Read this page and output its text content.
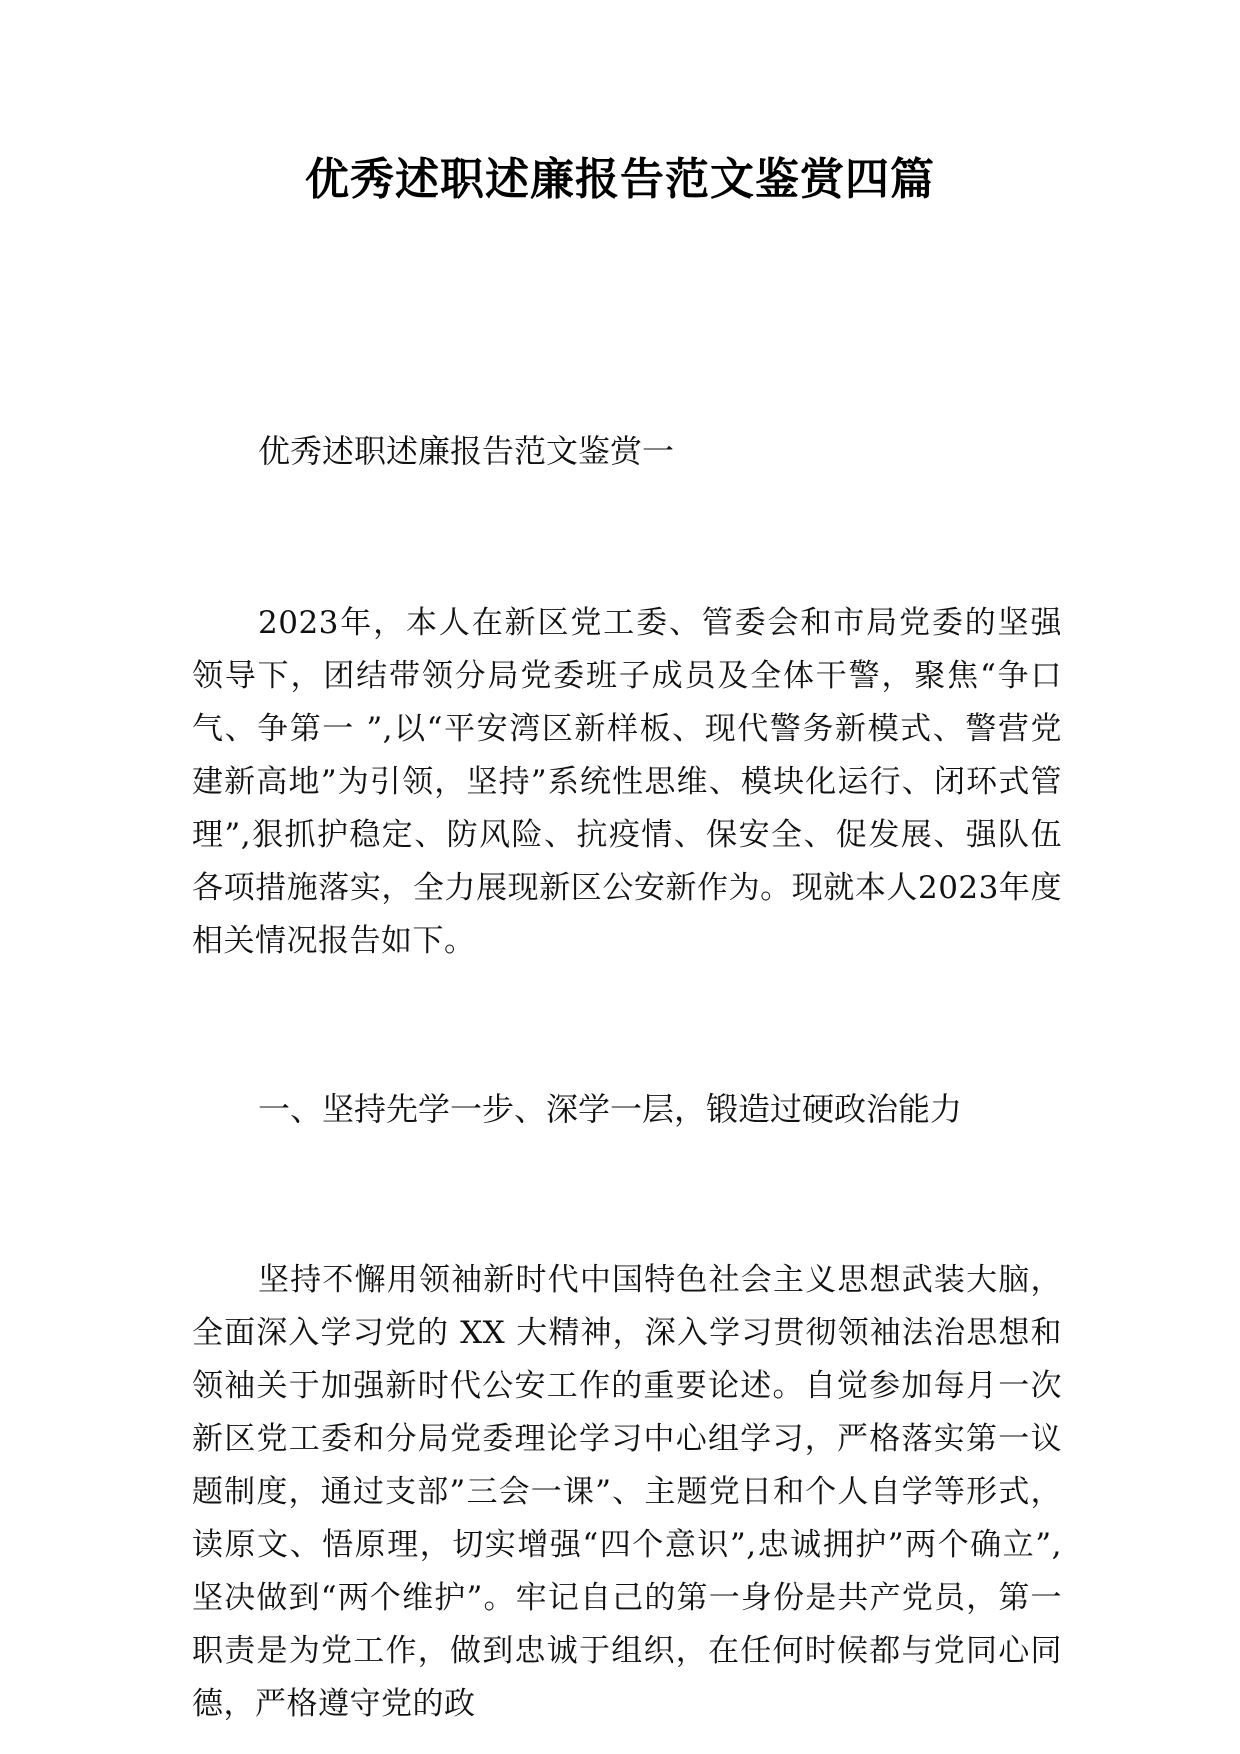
优秀述职述廉报告范文鉴赏四篇
优秀述职述廉报告范文鉴赏一

2023年，本人在新区党工委、管委会和市局党委的坚强领导下，团结带领分局党委班子成员及全体干警，聚焦“争口气、争第一 ”,以“平安湾区新样板、现代警务新模式、警营党建新高地”为引领，坚持”系统性思维、模块化运行、闭环式管理”,狠抓护稳定、防风险、抗疫情、保安全、促发展、强队伍各项措施落实，全力展现新区公安新作为。现就本人2023年度相关情况报告如下。

一、坚持先学一步、深学一层，锻造过硬政治能力

坚持不懈用领袖新时代中国特色社会主义思想武装大脑，全面深入学习党的 XX 大精神，深入学习贯彻领袖法治思想和领袖关于加强新时代公安工作的重要论述。自觉参加每月一次新区党工委和分局党委理论学习中心组学习，严格落实第一议题制度，通过支部”三会一课”、主题党日和个人自学等形式，读原文、悟原理，切实增强“四个意识”,忠诚拥护”两个确立”,坚决做到“两个维护”。牢记自己的第一身份是共产党员，第一职责是为党工作，做到忠诚于组织，在任何时候都与党同心同德，严格遵守党的政
